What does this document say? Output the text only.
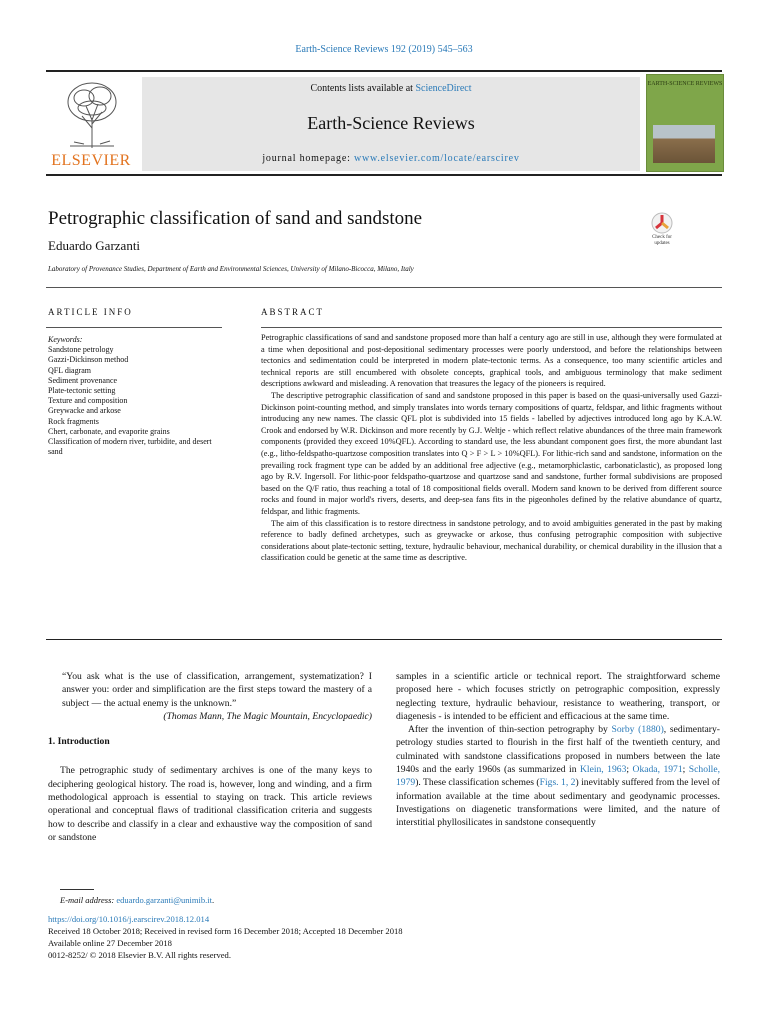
Earth-Science Reviews 192 (2019) 545–563
ELSEVIER
Contents lists available at ScienceDirect
Earth-Science Reviews
journal homepage: www.elsevier.com/locate/earscirev
EARTH-SCIENCE REVIEWS
Petrographic classification of sand and sandstone
Check for updates
Eduardo Garzanti
Laboratory of Provenance Studies, Department of Earth and Environmental Sciences, University of Milano-Bicocca, Milano, Italy
ARTICLE INFO	ABSTRACT
Keywords:
Sandstone petrology
Gazzi-Dickinson method
QFL diagram
Sediment provenance
Plate-tectonic setting
Texture and composition
Greywacke and arkose
Rock fragments
Chert, carbonate, and evaporite grains
Classification of modern river, turbidite, and desert sand

Petrographic classifications of sand and sandstone proposed more than half a century ago are still in use, although they were formulated at a time when depositional and post-depositional sedimentary processes were poorly understood, and before the relationships between tectonics and sedimentation could be interpreted in modern plate-tectonic terms. As a consequence, too many scientific articles and technical reports are still encumbered with obsolete concepts, graphical tools, and ambiguous terminology that make sediment descriptions awkward and misleading. A renovation that treasures the legacy of the pioneers is required.

The descriptive petrographic classification of sand and sandstone proposed in this paper is based on the quasi-universally used Gazzi-Dickinson point-counting method, and simply translates into words ternary compositions of quartz, feldspar, and lithic fragments without introducing any new names. The classic QFL plot is subdivided into 15 fields - labelled by adjectives introduced long ago by K.A.W. Crook and endorsed by W.R. Dickinson and more recently by G.J. Weltje - which reflect relative abundances of the three main framework components (provided they exceed 10%QFL). According to standard use, the less abundant component goes first, the more abundant last (e.g., litho-feldspatho-quartzose composition translates into Q > F > L > 10%QFL). For lithic-rich sand and sandstone, information on the prevailing rock fragment type can be added by an additional free adjective (e.g., metamorphiclastic, carbonaticlastic), as proposed long ago by R.V. Ingersoll. For lithic-poor feldspatho-quartzose and quartzose sand and sandstone, further formal subdivisions are proposed based on the Q/F ratio, thus reaching a total of 18 compositional fields overall. Modern sand known to be derived from different source rocks and found in major world's rivers, deserts, and deep-sea fans fits in the pigeonholes defined by the relative abundance of quartz, feldspar, and lithic fragments.

The aim of this classification is to restore directness in sandstone petrology, and to avoid ambiguities generated in the past by making reference to badly defined archetypes, such as greywacke or arkose, thus confusing petrographic composition with subjective considerations about plate-tectonic setting, texture, hydraulic behaviour, mechanical durability, or chemical durability in the illusion that a classification could be genetic at the same time as descriptive.

“You ask what is the use of classification, arrangement, systematization? I answer you: order and simplification are the first steps toward the mastery of a subject — the actual enemy is the unknown.”

(Thomas Mann, The Magic Mountain, Encyclopaedic)

1. Introduction

The petrographic study of sedimentary archives is one of the many keys to deciphering geological history. The road is, however, long and winding, and a firm methodological approach is essential to staying on track. This article reviews operational and conceptual flaws of traditional classification criteria and suggests how to describe and classify in a clear and exhaustive way the composition of sand or sandstone

samples in a scientific article or technical report. The straightforward scheme proposed here - which focuses strictly on petrographic composition, expressly neglecting texture, hydraulic behaviour, resistance to weathering, transport, or diagenesis - is intended to be efficient and efficacious at the same time.

After the invention of thin-section petrography by Sorby (1880), sedimentary-petrology studies started to flourish in the first half of the twentieth century, and culminated with sandstone classifications proposed in numbers between the late 1940s and the early 1960s (as summarized in Klein, 1963; Okada, 1971; Scholle, 1979). These classification schemes (Figs. 1, 2) inevitably suffered from the level of information available at the time about sedimentary and geodynamic processes. Investigations on diagenetic transformations were limited, and the nature of interstitial phyllosilicates in sandstone consequently

E-mail address: eduardo.garzanti@unimib.it.
https://doi.org/10.1016/j.earscirev.2018.12.014
Received 18 October 2018; Received in revised form 16 December 2018; Accepted 18 December 2018
Available online 27 December 2018
0012-8252/ © 2018 Elsevier B.V. All rights reserved.
